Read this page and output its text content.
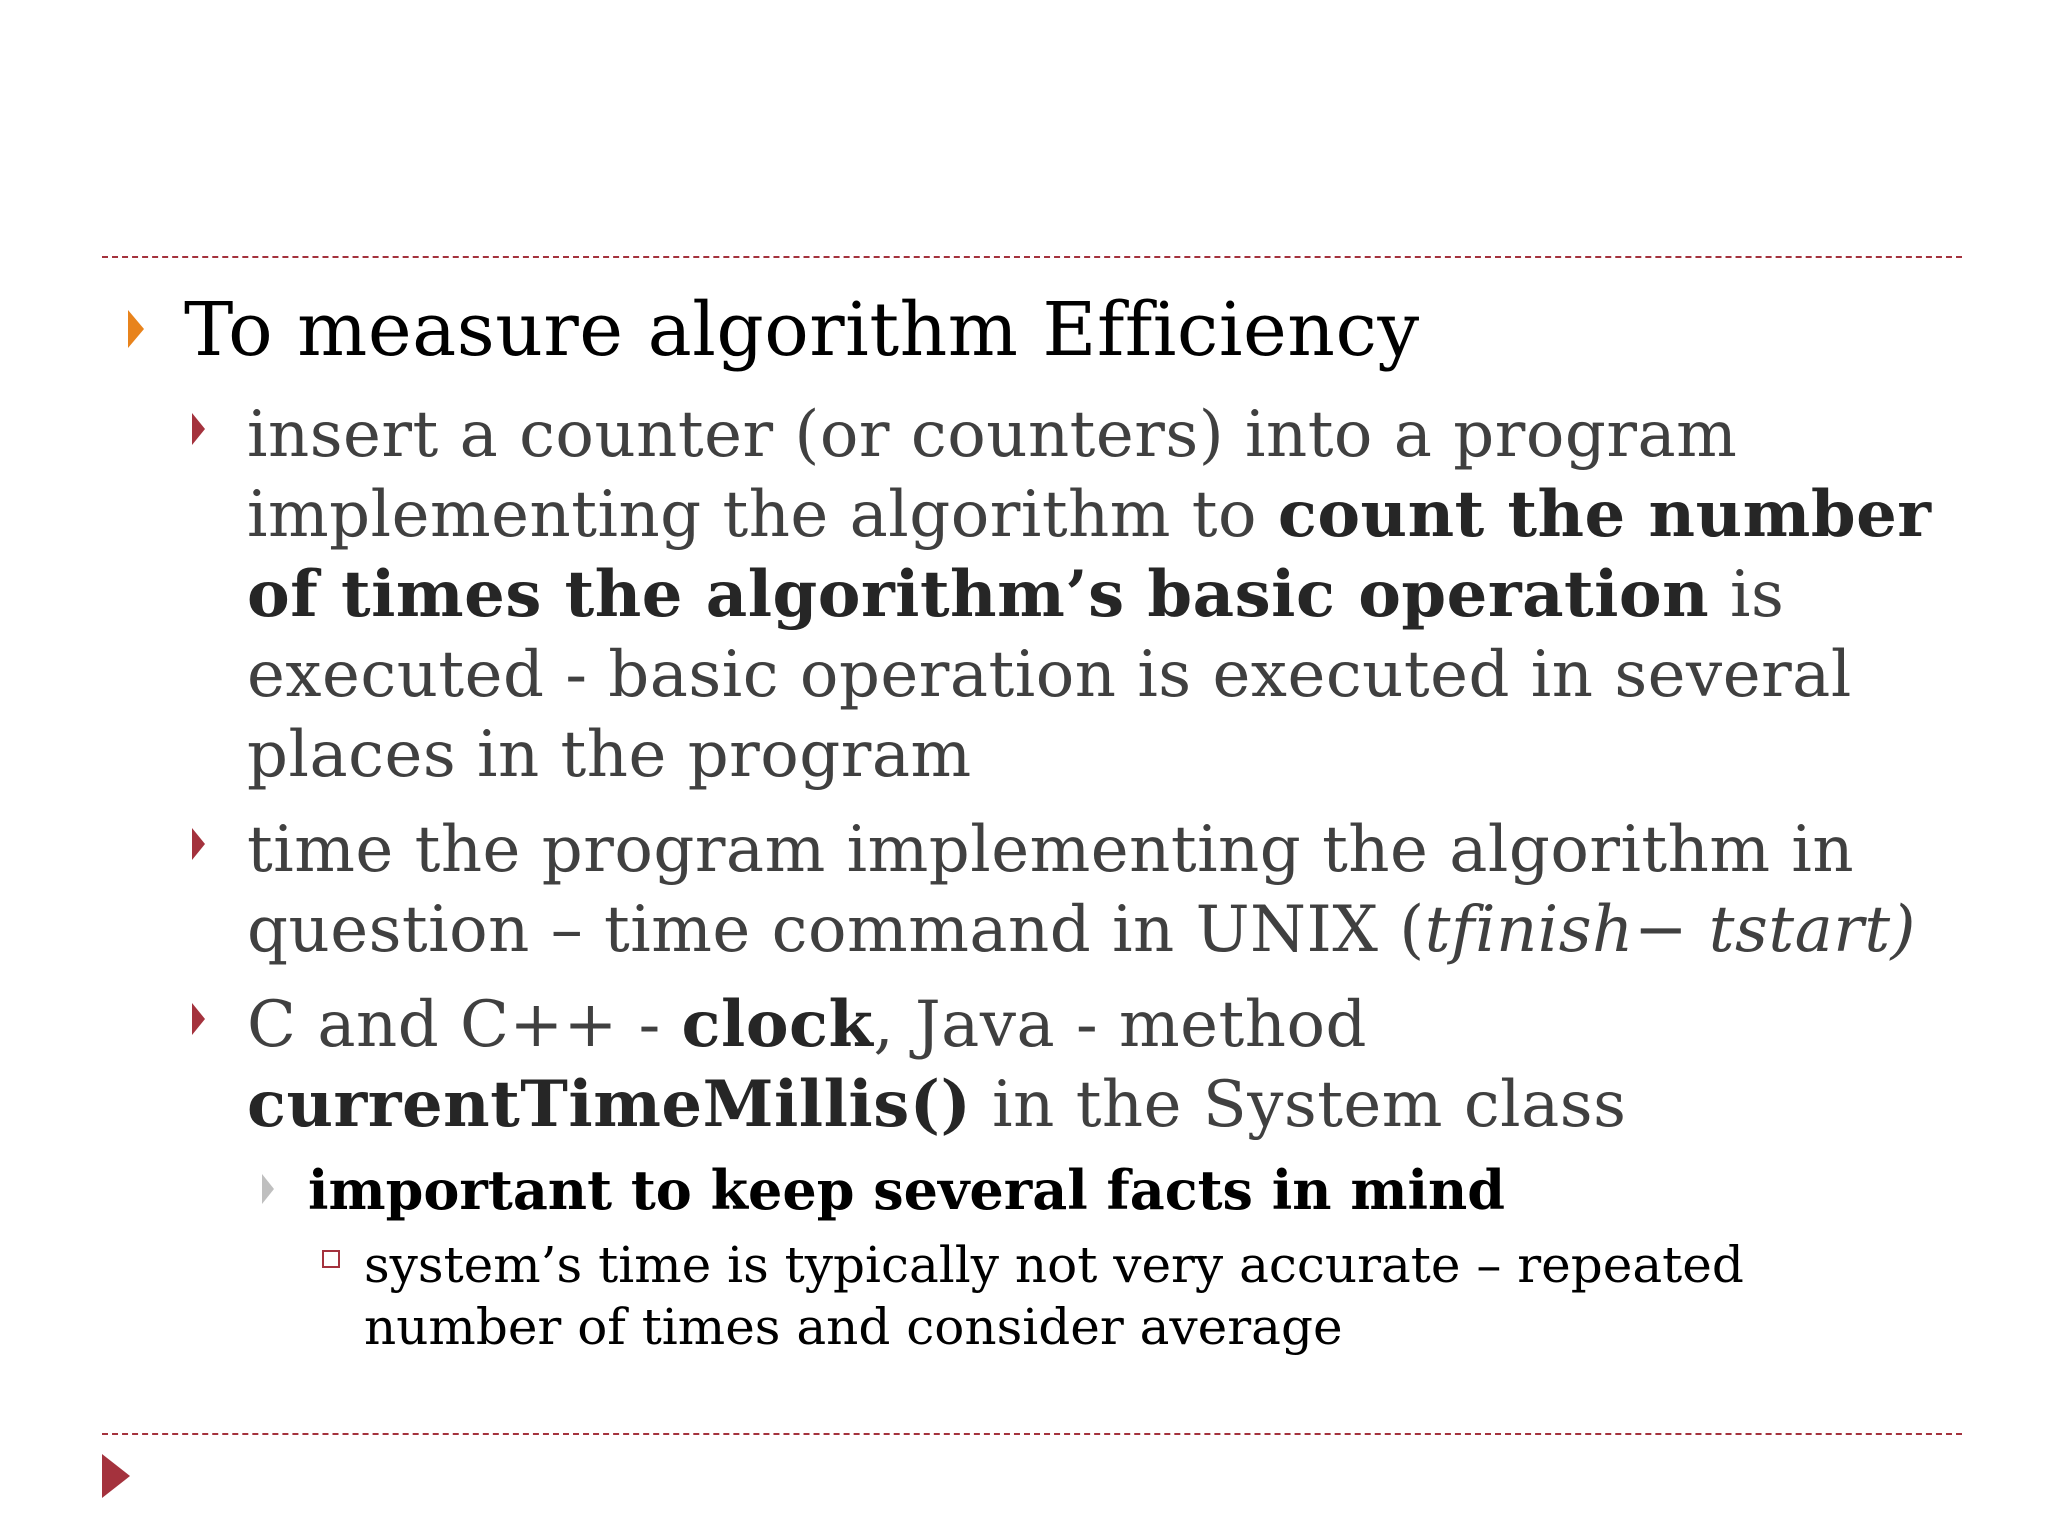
To measure algorithm Efficiency
insert a counter (or counters) into a program implementing the algorithm to count the number of times the algorithm’s basic operation is executed - basic operation is executed in several places in the program
time the program implementing the algorithm in question – time command in UNIX (tfinish− tstart)
C and C++ - clock, Java - method currentTimeMillis() in the System class
important to keep several facts in mind
system’s time is typically not very accurate – repeated number of times and consider average
